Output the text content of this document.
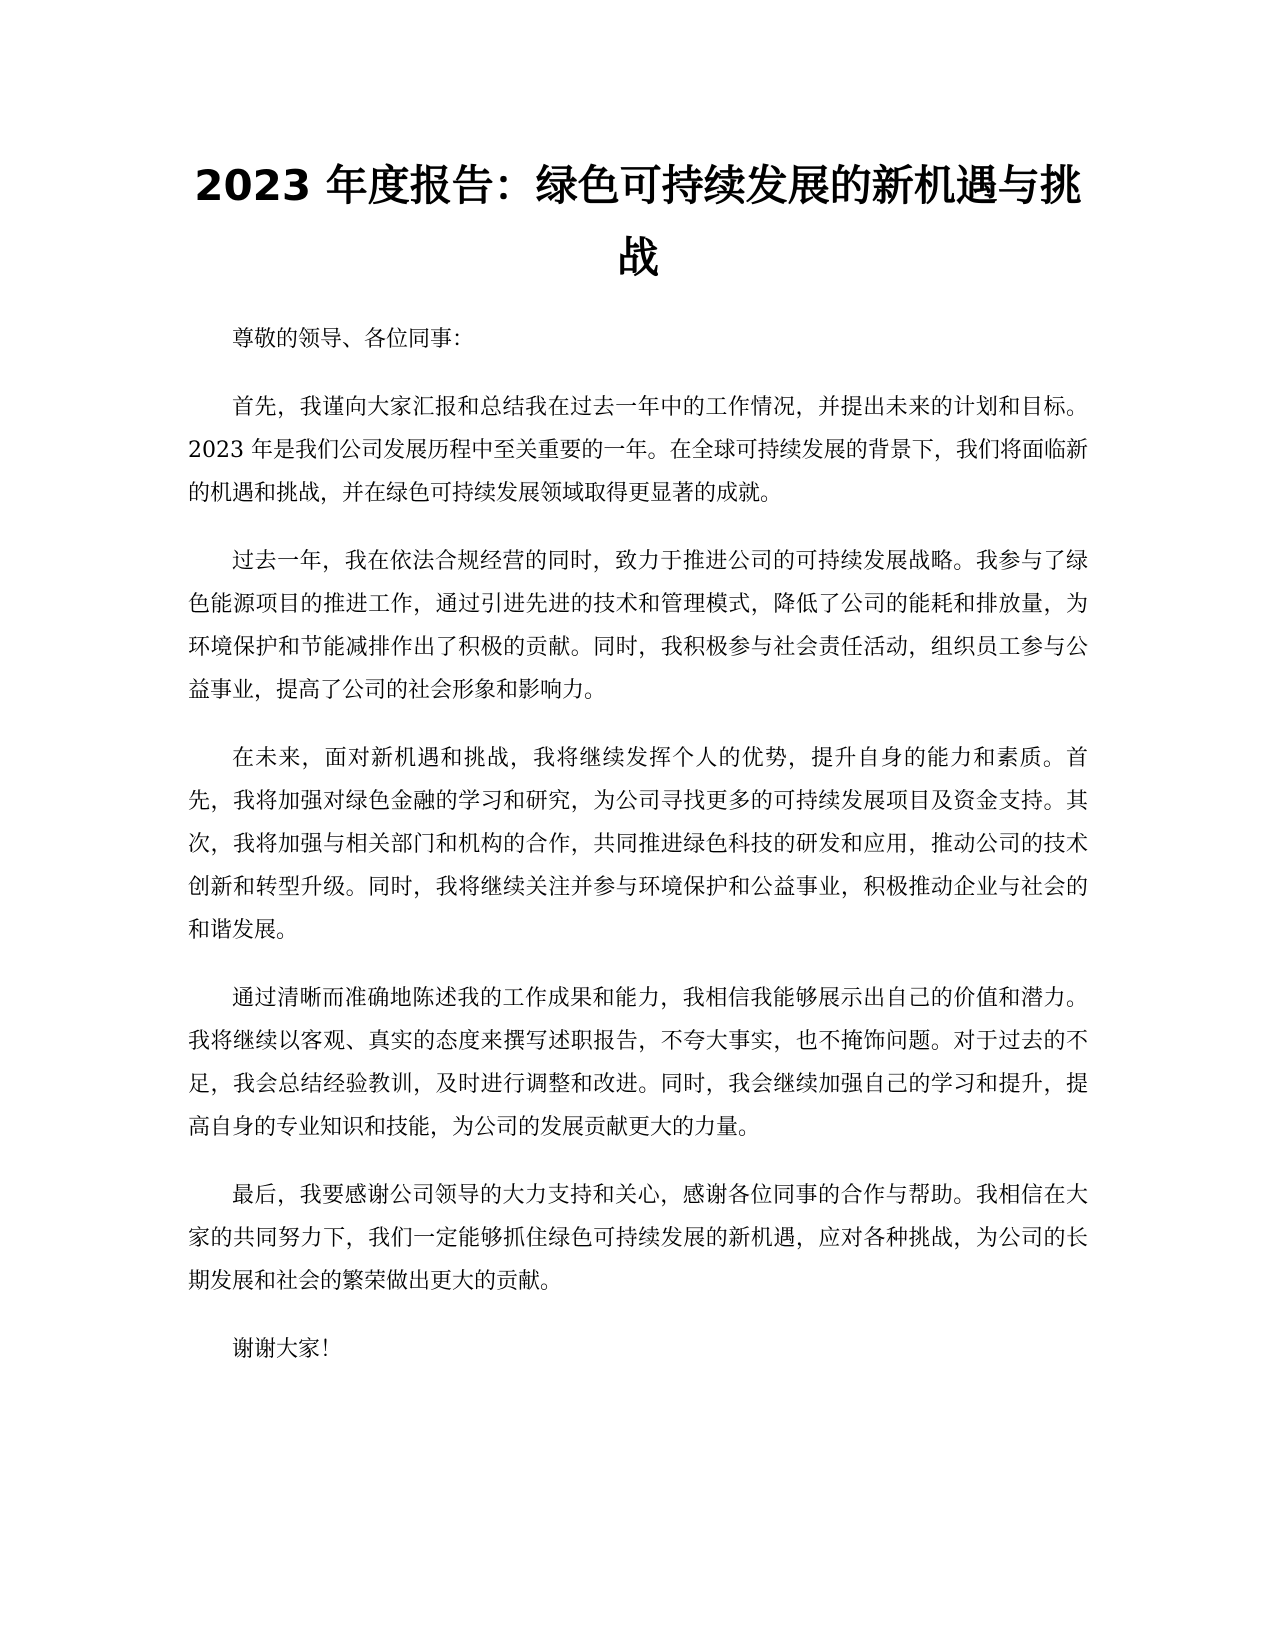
2023 年度报告：绿色可持续发展的新机遇与挑战

尊敬的领导、各位同事：

首先，我谨向大家汇报和总结我在过去一年中的工作情况，并提出未来的计划和目标。2023 年是我们公司发展历程中至关重要的一年。在全球可持续发展的背景下，我们将面临新的机遇和挑战，并在绿色可持续发展领域取得更显著的成就。

过去一年，我在依法合规经营的同时，致力于推进公司的可持续发展战略。我参与了绿色能源项目的推进工作，通过引进先进的技术和管理模式，降低了公司的能耗和排放量，为环境保护和节能减排作出了积极的贡献。同时，我积极参与社会责任活动，组织员工参与公益事业，提高了公司的社会形象和影响力。

在未来，面对新机遇和挑战，我将继续发挥个人的优势，提升自身的能力和素质。首先，我将加强对绿色金融的学习和研究，为公司寻找更多的可持续发展项目及资金支持。其次，我将加强与相关部门和机构的合作，共同推进绿色科技的研发和应用，推动公司的技术创新和转型升级。同时，我将继续关注并参与环境保护和公益事业，积极推动企业与社会的和谐发展。

通过清晰而准确地陈述我的工作成果和能力，我相信我能够展示出自己的价值和潜力。我将继续以客观、真实的态度来撰写述职报告，不夸大事实，也不掩饰问题。对于过去的不足，我会总结经验教训，及时进行调整和改进。同时，我会继续加强自己的学习和提升，提高自身的专业知识和技能，为公司的发展贡献更大的力量。

最后，我要感谢公司领导的大力支持和关心，感谢各位同事的合作与帮助。我相信在大家的共同努力下，我们一定能够抓住绿色可持续发展的新机遇，应对各种挑战，为公司的长期发展和社会的繁荣做出更大的贡献。

谢谢大家！
